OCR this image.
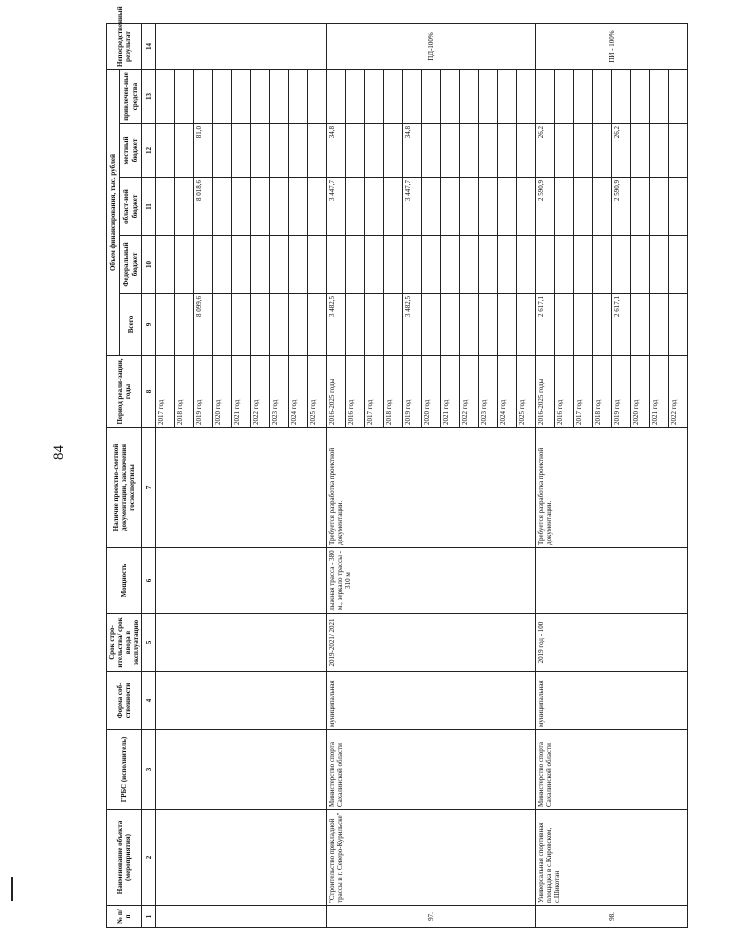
84
№ п/п	Наименование объекта (мероприятия)	ГРБС (исполнитель)	Форма соб-ственности	Срок стро-ительства/ срок ввода в эксплуатацию	Мощность	Наличие проектно-сметной документации, заключения госэкспертизы	Период реали-зации, годы	Объем финансирования, тыс. рублей					Непосредственный результат
								Всего	Федеральный бюджет	област-ной бюджет	местный бюджет	привлечен-ные средства	
1	2	3	4	5	6	7	8	9	10	11	12	13	14
							2017 год						
							2018 год						
							2019 год	8 099,6		8 018,6	81,0		
							2020 год						
							2021 год						
							2022 год						
							2023 год						
							2024 год						
							2025 год						
97.	"Строительство прикладной трассы в г. Северо-Курильске"	Министерство спорта Сахалинской области	муниципальная	2019-2021/ 2021	лыжная трасса - 380 м., зеркало трассы - 310 м	Требуется разработка проектной документации.	2016-2025 годы	3 482,5		3 447,7	34,8		ПД-100%
							2016 год						
							2017 год						
							2018 год						
							2019 год	3 482,5		3 447,7	34,8		
							2020 год						
							2021 год						
							2022 год						
							2023 год						
							2024 год						
							2025 год						
98.	Универсальная спортивная площадка в с.Кировском, с.Шикотан	Министерство спорта Сахалинской области	муниципальная	2019 год - 100		Требуется разработка проектной документации.	2016-2025 годы	2 617,1		2 590,9	26,2		ПИ - 100%
							2016 год						
							2017 год						
							2018 год						
							2019 год	2 617,1		2 590,9	26,2		
							2020 год						
							2021 год						
							2022 год						
